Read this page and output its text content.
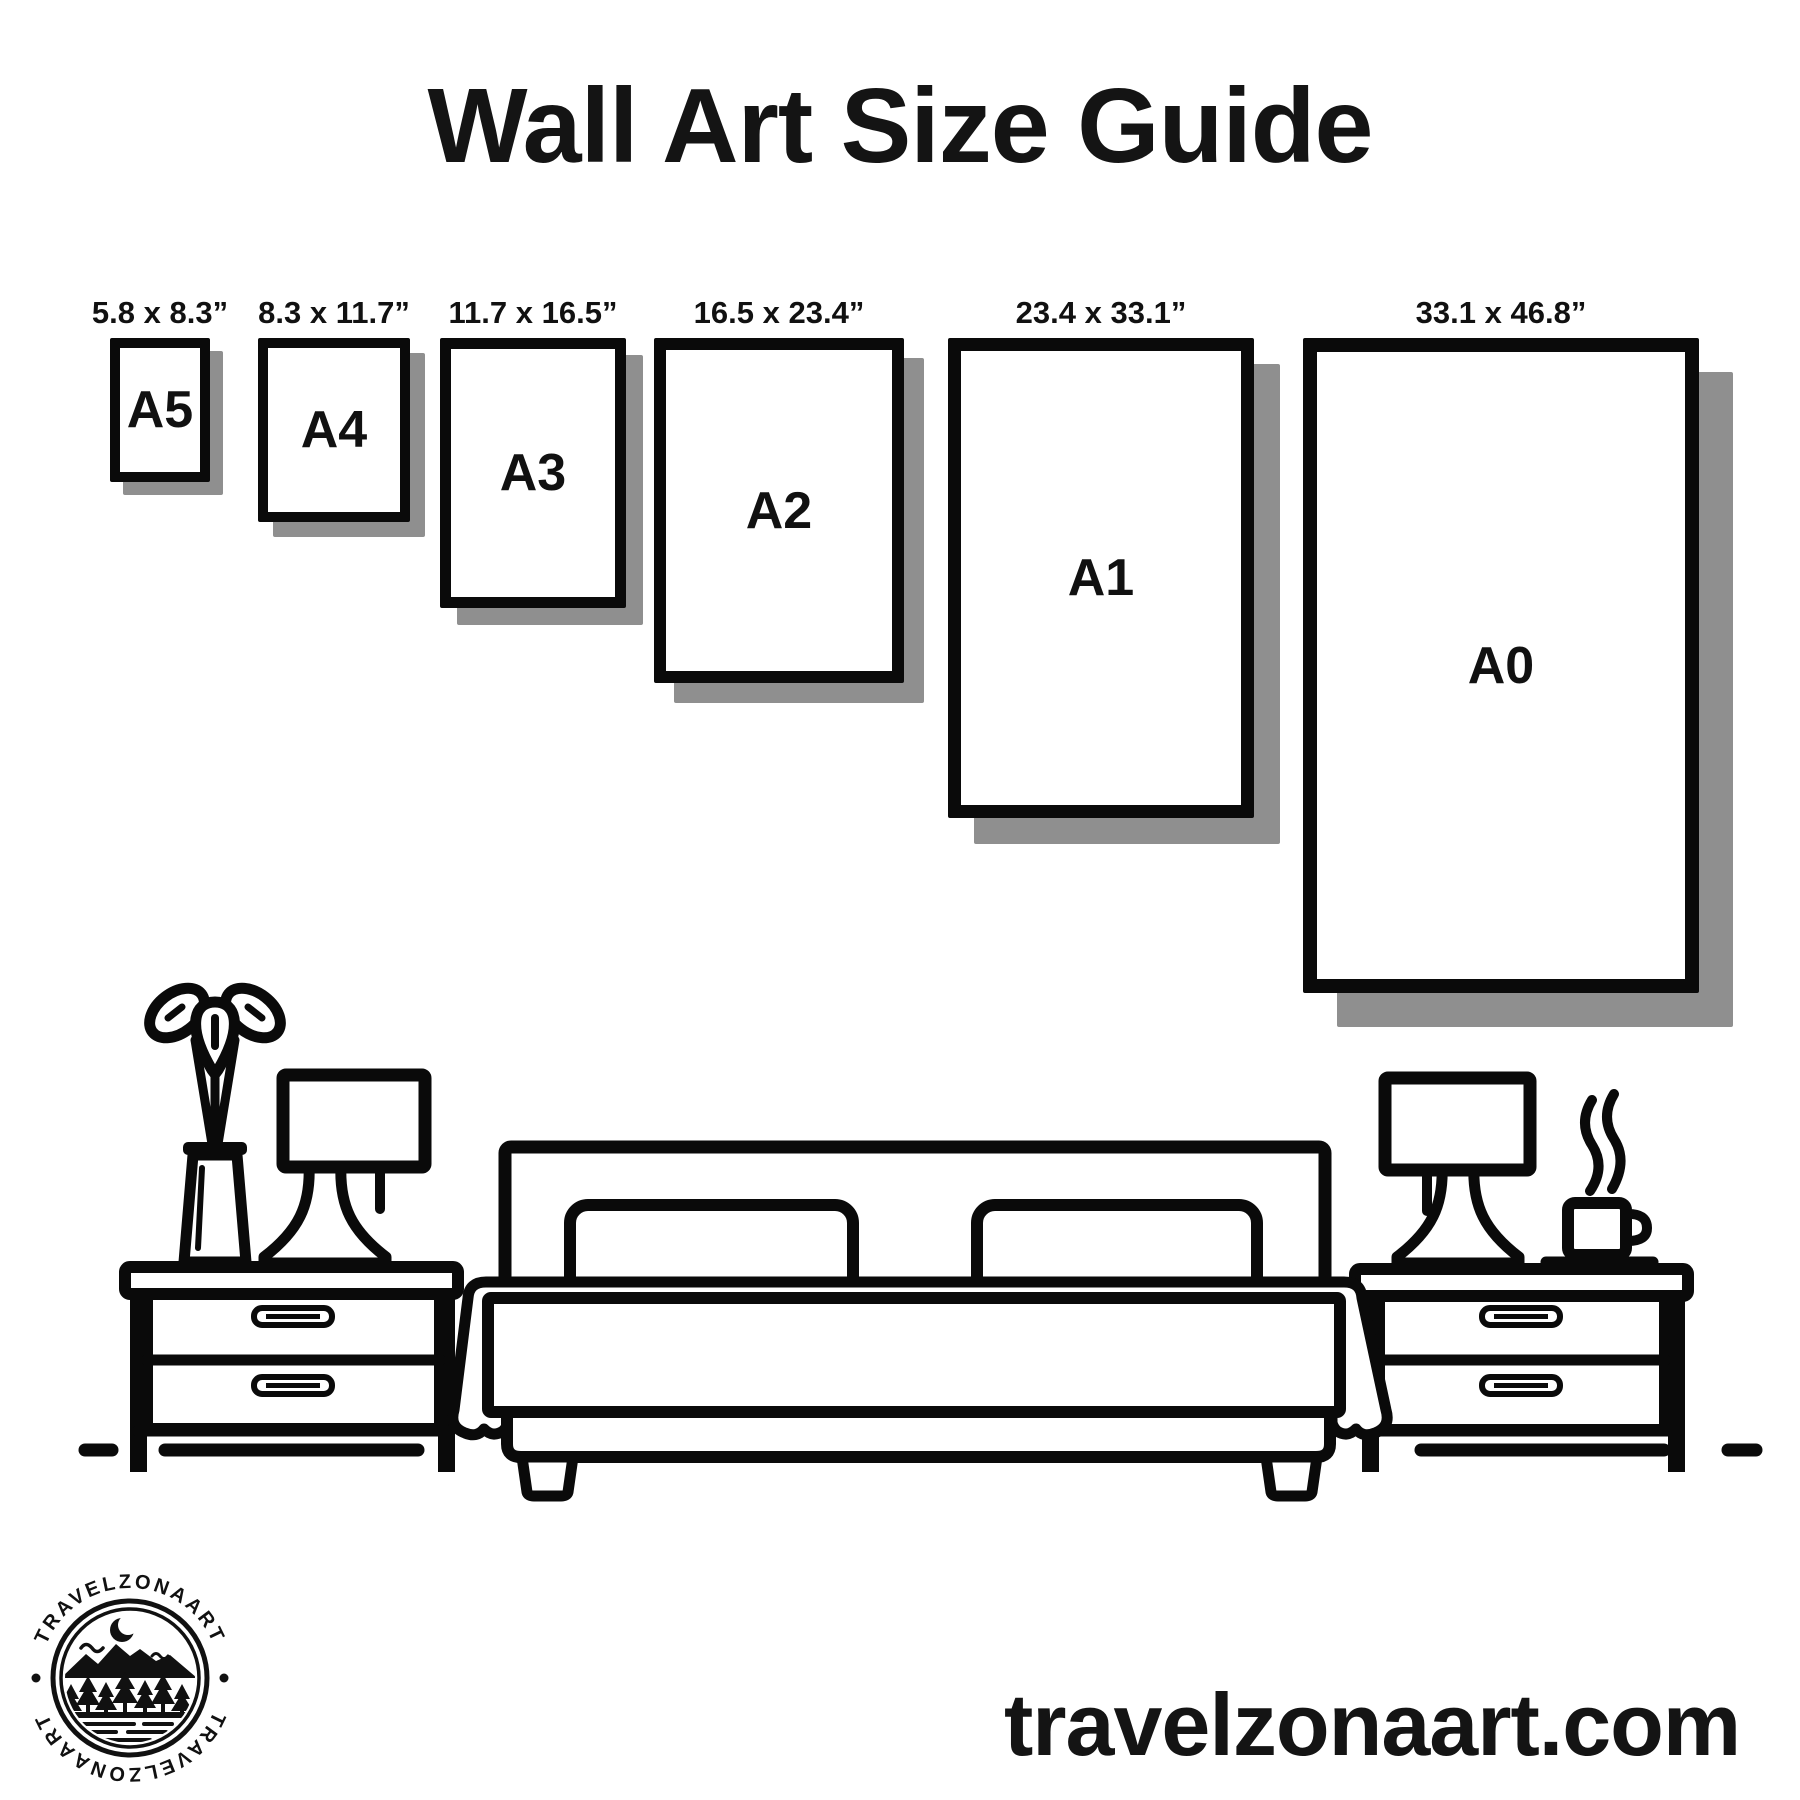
Wall Art Size Guide
5.8 x 8.3” 8.3 x 11.7” 11.7 x 16.5” 16.5 x 23.4”	23.4 x 33.1”	33.1 x 46.8”
A5 A4
A3
A2
A1
A0
TRAVELZONAART
TRAVELZONAART	travelzonaart.com
